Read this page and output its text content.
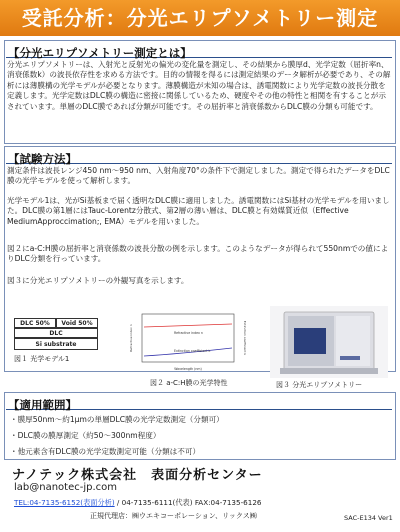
受託分析：分光エリプソメトリー測定
【分光エリプソメトリー測定とは】

分光エリプソメトリーは、入射光と反射光の偏光の変化量を測定し、その結果から膜厚d、光学定数（屈折率n、消衰係数k）の波長依存性を求める方法です。目的の情報を得るには測定結果のデータ解析が必要であり、その解析には薄膜構の光学モデルが必要となります。薄膜構造が未知の場合は、誘電関数により光学定数の波長分散を定義します。光学定数はDLC膜の構造に密接に関係しているため、硬度やその他の特性と相関を有することが示されています。単層のDLC膜であれば分類が可能です。その屈折率と消衰係数からDLC膜の分類も可能です。

【試験方法】

測定条件は波長レンジ450 nm～950 nm、入射角度70°の条件下で測定しました。測定で得られたデータをDLC膜の光学モデルを使って解析します。

光学モデル1は、光がSi基板まで届く透明なDLC膜に適用しました。誘電関数にはSi基材の光学モデルを用いました。DLC膜の第1層にはTauc-Lorentz分散式、第2層の薄い層は、DLC膜と有効媒質近似（Effective MediumApproccimation;, EMA）モデルを用いました。

図２にa-C:H膜の屈折率と消衰係数の波長分散の例を示します。このようなデータが得られて550nmでの値によりDLC分類を行っています。

図３に分光エリプソメトリーの外観写真を示します。

DLC 50%	Void 50%
DLC
Si substrate
図１ 光学モデル1
Refractive index n
Extinction coefficient k
Wavelength (nm)
Refractive index n	Extinction coefficient k
図２ a-C:H膜の光学特性	図３ 分光エリプソメトリー
【適用範囲】
・膜厚50nm～約1μmの単層DLC膜の光学定数測定（分類可）
・DLC膜の膜厚測定（約50～300nm程度）
・他元素含有DLC膜の光学定数測定可能（分類は不可）
ナノテック株式会社　表面分析センター
lab@nanotec-jp.com
TEL:04-7135-6152(表面分析) / 04-7135-6111(代表) FAX:04-7135-6126
正規代理店：㈱ウエキコーポレーション、リックス㈱	SAC-E134 Ver1
